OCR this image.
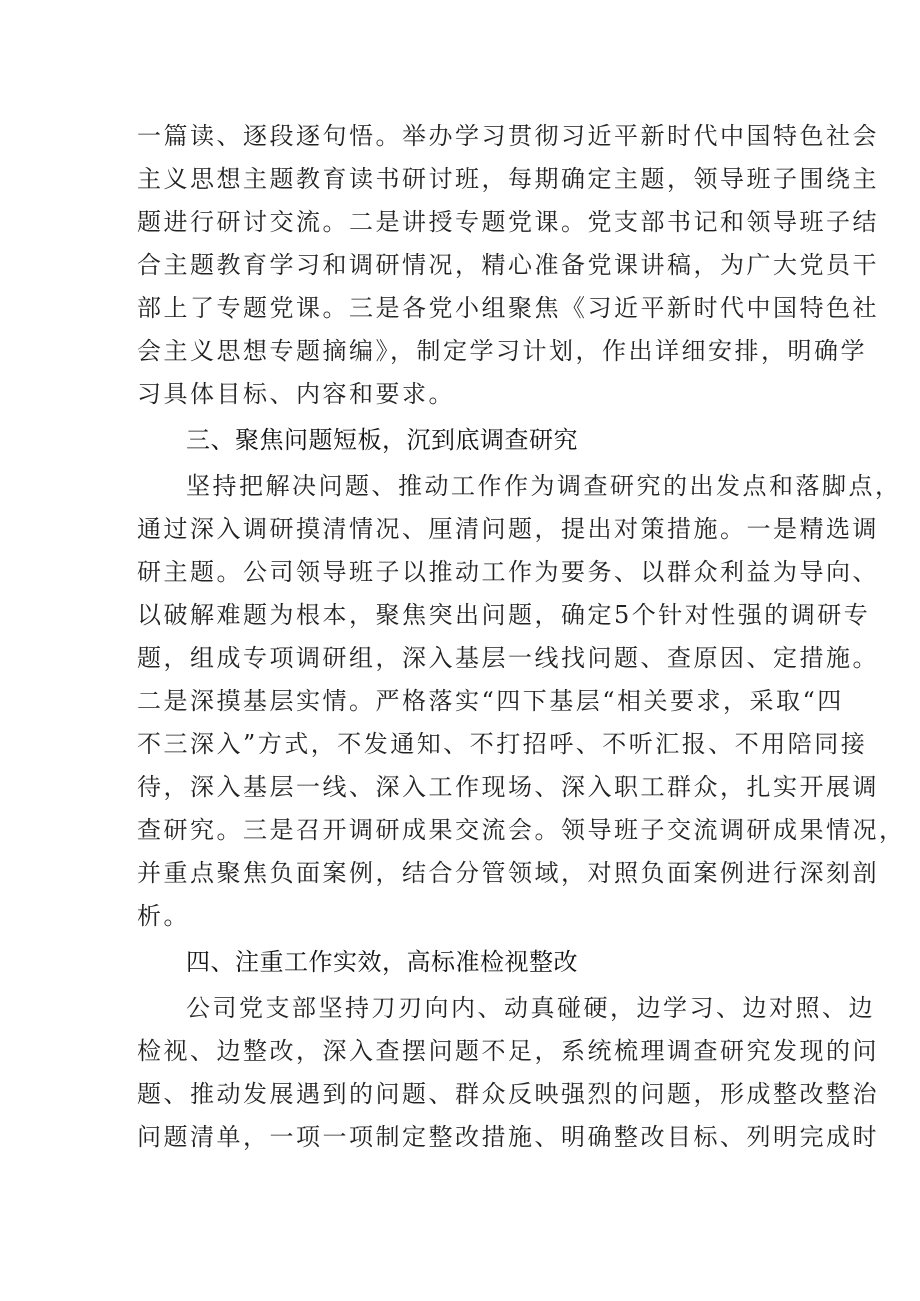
一篇读、逐段逐句悟。举办学习贯彻习近平新时代中国特色社会
主义思想主题教育读书研讨班，每期确定主题，领导班子围绕主
题进行研讨交流。二是讲授专题党课。党支部书记和领导班子结
合主题教育学习和调研情况，精心准备党课讲稿，为广大党员干
部上了专题党课。三是各党小组聚焦《习近平新时代中国特色社
会主义思想专题摘编》，制定学习计划，作出详细安排，明确学
习具体目标、内容和要求。
三、聚焦问题短板，沉到底调查研究
坚持把解决问题、推动工作作为调查研究的出发点和落脚点，
通过深入调研摸清情况、厘清问题，提出对策措施。一是精选调
研主题。公司领导班子以推动工作为要务、以群众利益为导向、
以破解难题为根本，聚焦突出问题，确定5个针对性强的调研专
题，组成专项调研组，深入基层一线找问题、查原因、定措施。
二是深摸基层实情。严格落实“四下基层“相关要求，采取“四
不三深入”方式，不发通知、不打招呼、不听汇报、不用陪同接
待，深入基层一线、深入工作现场、深入职工群众，扎实开展调
查研究。三是召开调研成果交流会。领导班子交流调研成果情况，
并重点聚焦负面案例，结合分管领域，对照负面案例进行深刻剖
析。
四、注重工作实效，高标准检视整改
公司党支部坚持刀刃向内、动真碰硬，边学习、边对照、边
检视、边整改，深入查摆问题不足，系统梳理调查研究发现的问
题、推动发展遇到的问题、群众反映强烈的问题，形成整改整治
问题清单，一项一项制定整改措施、明确整改目标、列明完成时
